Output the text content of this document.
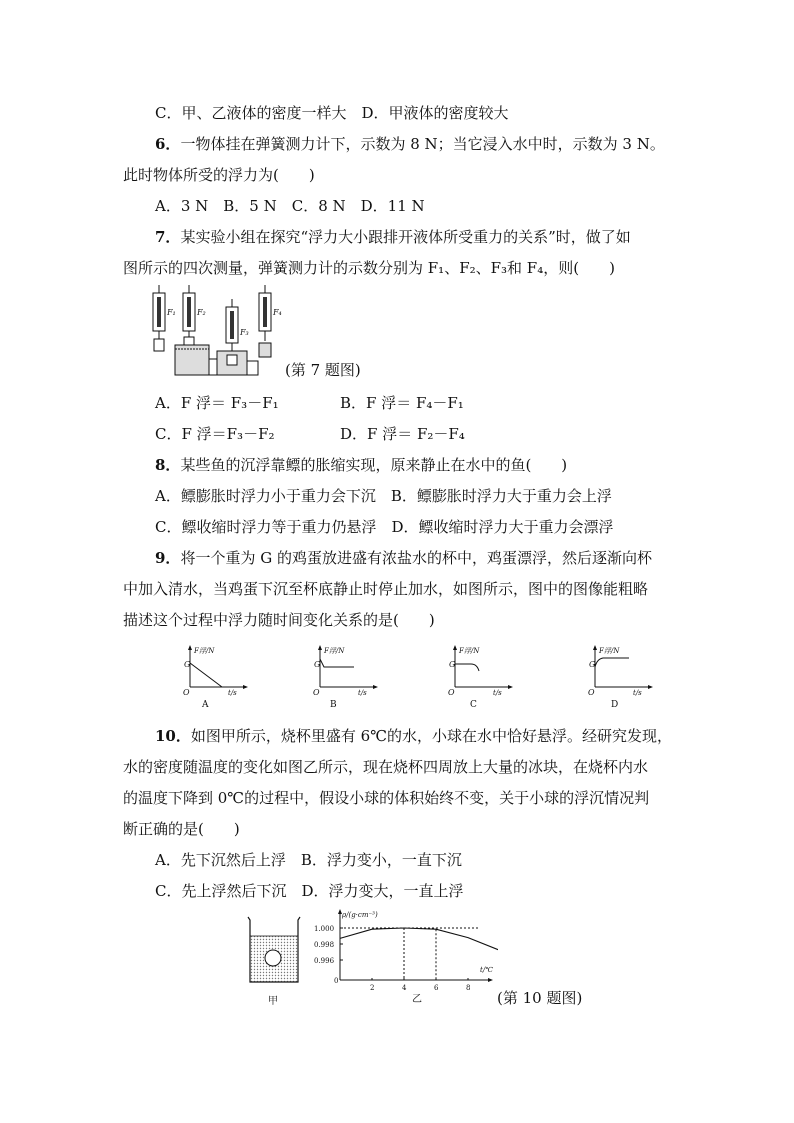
C．甲、乙液体的密度一样大　D．甲液体的密度较大
6．一物体挂在弹簧测力计下，示数为 8 N；当它浸入水中时，示数为 3 N。
此时物体所受的浮力为(　　)
A．3 N　B．5 N　C．8 N　D．11 N
7．某实验小组在探究“浮力大小跟排开液体所受重力的关系”时，做了如
图所示的四次测量，弹簧测力计的示数分别为 F₁、F₂、F₃和 F₄，则(　　)
F₁	F₂
F₃
F₄
(第 7 题图)
A．F 浮＝ F₃－F₁	B．F 浮＝ F₄－F₁
C．F 浮＝F₃－F₂	D．F 浮＝ F₂－F₄
8．某些鱼的沉浮靠鳔的胀缩实现，原来静止在水中的鱼(　　)
A．鳔膨胀时浮力小于重力会下沉　B．鳔膨胀时浮力大于重力会上浮
C．鳔收缩时浮力等于重力仍悬浮　D．鳔收缩时浮力大于重力会漂浮
9．将一个重为 G 的鸡蛋放进盛有浓盐水的杯中，鸡蛋漂浮，然后逐渐向杯
中加入清水，当鸡蛋下沉至杯底静止时停止加水，如图所示，图中的图像能粗略
描述这个过程中浮力随时间变化关系的是(　　)
G
F浮/N
O	t/s
A
G
F浮/N
O	t/s
B
G
F浮/N
O	t/s
C
G
F浮/N
O	t/s
D
10．如图甲所示，烧杯里盛有 6℃的水，小球在水中恰好悬浮。经研究发现，
水的密度随温度的变化如图乙所示，现在烧杯四周放上大量的冰块，在烧杯内水
的温度下降到 0℃的过程中，假设小球的体积始终不变，关于小球的浮沉情况判
断正确的是(　　)
A．先下沉然后上浮　B．浮力变小，一直下沉
C．先上浮然后下沉　D．浮力变大，一直上浮
甲
ρ/(g·cm⁻³)
t/℃
乙
0
2	4	6	8
0.996
0.998
1.000
(第 10 题图)
